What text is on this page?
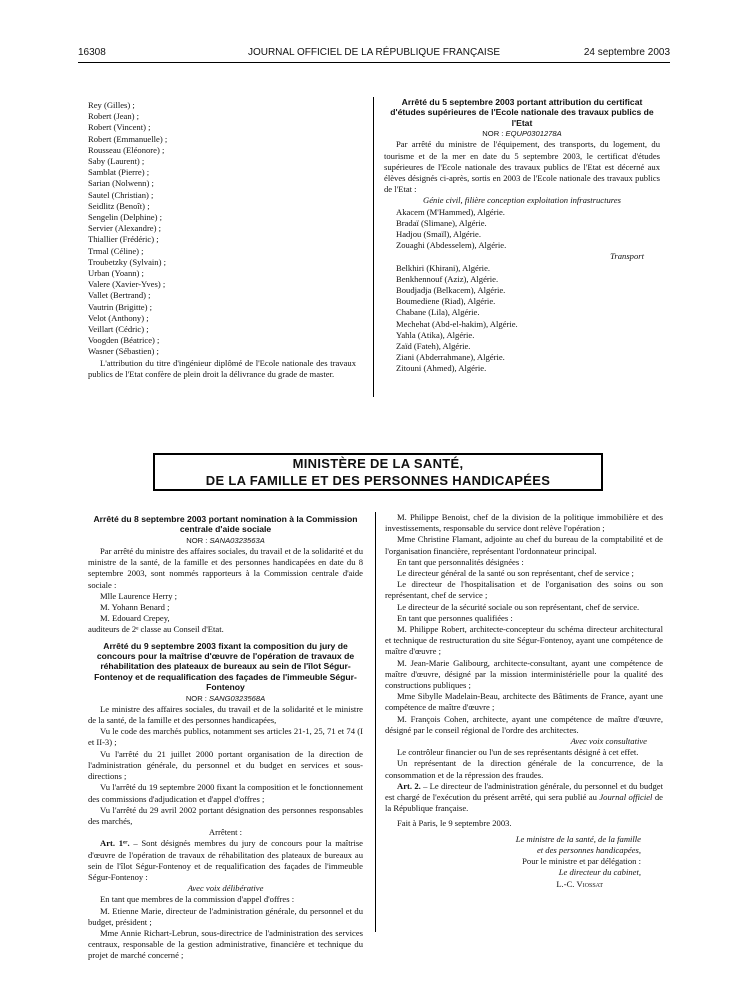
16308	JOURNAL OFFICIEL DE LA RÉPUBLIQUE FRANÇAISE	24 septembre 2003

Rey (Gilles) ;

Robert (Jean) ;

Robert (Vincent) ;

Robert (Emmanuelle) ;

Rousseau (Eléonore) ;

Saby (Laurent) ;

Samblat (Pierre) ;

Sarian (Nolwenn) ;

Sautel (Christian) ;

Seidlitz (Benoît) ;

Sengelin (Delphine) ;

Servier (Alexandre) ;

Thiallier (Frédéric) ;

Trmal (Céline) ;

Troubetzky (Sylvain) ;

Urban (Yoann) ;

Valere (Xavier-Yves) ;

Vallet (Bertrand) ;

Vautrin (Brigitte) ;

Velot (Anthony) ;

Veillart (Cédric) ;

Voogden (Béatrice) ;

Wasner (Sébastien) ;

L'attribution du titre d'ingénieur diplômé de l'Ecole nationale des travaux publics de l'Etat confère de plein droit la délivrance du grade de master.

Arrêté du 5 septembre 2003 portant attribution du certificat d'études supérieures de l'Ecole nationale des travaux publics de l'Etat

NOR : EQUP0301278A

Par arrêté du ministre de l'équipement, des transports, du logement, du tourisme et de la mer en date du 5 septembre 2003, le certificat d'études supérieures de l'Ecole nationale des travaux publics de l'Etat est décerné aux élèves désignés ci-après, sortis en 2003 de l'Ecole nationale des travaux publics de l'Etat :

Génie civil, filière conception exploitation infrastructures

Akacem (M'Hammed), Algérie.

Bradaï (Slimane), Algérie.

Hadjou (Smaïl), Algérie.

Zouaghi (Abdesselem), Algérie.

Transport

Belkhiri (Khirani), Algérie.

Benkhennouf (Aziz), Algérie.

Boudjadja (Belkacem), Algérie.

Boumediene (Riad), Algérie.

Chabane (Lila), Algérie.

Mechehat (Abd-el-hakim), Algérie.

Yahla (Atika), Algérie.

Zaïd (Fateh), Algérie.

Ziani (Abderrahmane), Algérie.

Zitouni (Ahmed), Algérie.

MINISTÈRE DE LA SANTÉ,
DE LA FAMILLE ET DES PERSONNES HANDICAPÉES

Arrêté du 8 septembre 2003 portant nomination à la Commission centrale d'aide sociale

NOR : SANA0323563A

Par arrêté du ministre des affaires sociales, du travail et de la solidarité et du ministre de la santé, de la famille et des personnes handicapées en date du 8 septembre 2003, sont nommés rapporteurs à la Commission centrale d'aide sociale :

Mlle Laurence Herry ;

M. Yohann Benard ;

M. Edouard Crepey,

auditeurs de 2ᵉ classe au Conseil d'Etat.

Arrêté du 9 septembre 2003 fixant la composition du jury de concours pour la maîtrise d'œuvre de l'opération de travaux de réhabilitation des plateaux de bureaux au sein de l'îlot Ségur-Fontenoy et de requalification des façades de l'immeuble Ségur-Fontenoy

NOR : SANG0323568A

Le ministre des affaires sociales, du travail et de la solidarité et le ministre de la santé, de la famille et des personnes handicapées,

Vu le code des marchés publics, notamment ses articles 21-1, 25, 71 et 74 (I et II-3) ;

Vu l'arrêté du 21 juillet 2000 portant organisation de la direction de l'administration générale, du personnel et du budget en services et sous-directions ;

Vu l'arrêté du 19 septembre 2000 fixant la composition et le fonctionnement des commissions d'adjudication et d'appel d'offres ;

Vu l'arrêté du 29 avril 2002 portant désignation des personnes responsables des marchés,

Arrêtent :

Art. 1ᵉʳ. – Sont désignés membres du jury de concours pour la maîtrise d'œuvre de l'opération de travaux de réhabilitation des plateaux de bureaux au sein de l'îlot Ségur-Fontenoy et de requalification des façades de l'immeuble Ségur-Fontenoy :

Avec voix délibérative

En tant que membres de la commission d'appel d'offres :

M. Etienne Marie, directeur de l'administration générale, du personnel et du budget, président ;

Mme Annie Richart-Lebrun, sous-directrice de l'administration des services centraux, responsable de la gestion administrative, financière et technique du projet de marché concerné ;

M. Philippe Benoist, chef de la division de la politique immobilière et des investissements, responsable du service dont relève l'opération ;

Mme Christine Flamant, adjointe au chef du bureau de la comptabilité et de l'organisation financière, représentant l'ordonnateur principal.

En tant que personnalités désignées :

Le directeur général de la santé ou son représentant, chef de service ;

Le directeur de l'hospitalisation et de l'organisation des soins ou son représentant, chef de service ;

Le directeur de la sécurité sociale ou son représentant, chef de service.

En tant que personnes qualifiées :

M. Philippe Robert, architecte-concepteur du schéma directeur architectural et technique de restructuration du site Ségur-Fontenoy, ayant une compétence de maître d'œuvre ;

M. Jean-Marie Galibourg, architecte-consultant, ayant une compétence de maître d'œuvre, désigné par la mission interministérielle pour la qualité des constructions publiques ;

Mme Sibylle Madelain-Beau, architecte des Bâtiments de France, ayant une compétence de maître d'œuvre ;

M. François Cohen, architecte, ayant une compétence de maître d'œuvre, désigné par le conseil régional de l'ordre des architectes.

Avec voix consultative

Le contrôleur financier ou l'un de ses représentants désigné à cet effet.

Un représentant de la direction générale de la concurrence, de la consommation et de la répression des fraudes.

Art. 2. – Le directeur de l'administration générale, du personnel et du budget est chargé de l'exécution du présent arrêté, qui sera publié au Journal officiel de la République française.

Fait à Paris, le 9 septembre 2003.

Le ministre de la santé, de la famille

et des personnes handicapées,

Pour le ministre et par délégation :

Le directeur du cabinet,

L.-C. Viossat
